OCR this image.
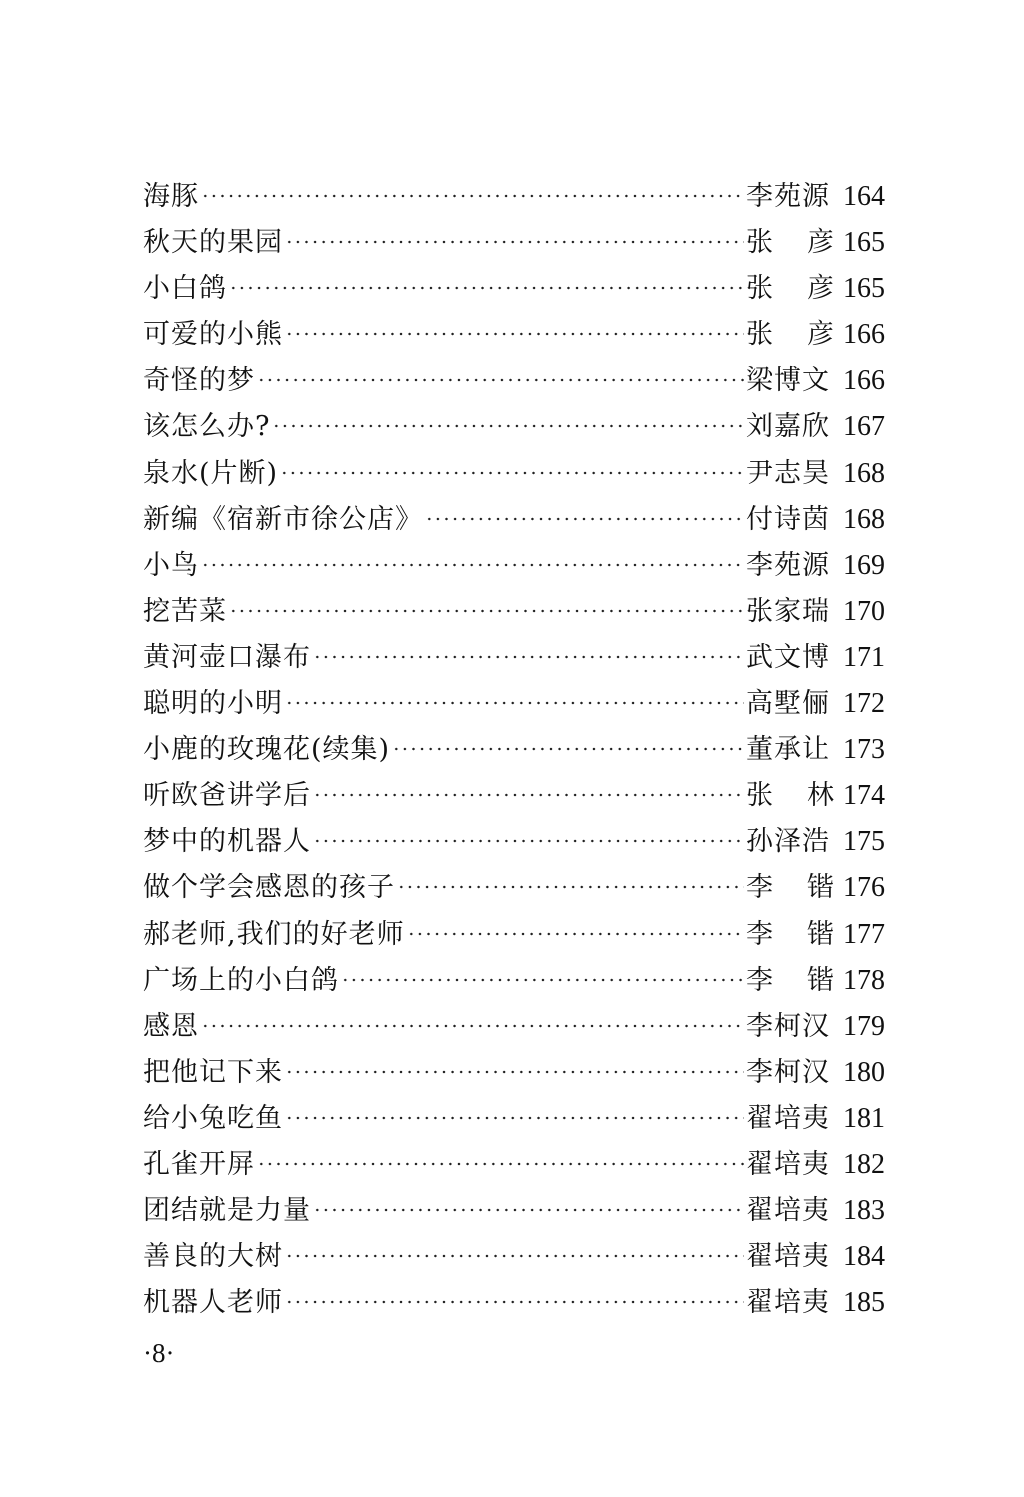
海豚	李苑源 164
秋天的果园	张 彦 165
小白鸽	张 彦 165
可爱的小熊	张 彦 166
奇怪的梦	梁博文 166
该怎么办?	刘嘉欣 167
泉水(片断)	尹志昊 168
新编《宿新市徐公店》	付诗茵 168
小鸟	李苑源 169
挖苦菜	张家瑞 170
黄河壶口瀑布	武文博 171
聪明的小明	高墅俪 172
小鹿的玫瑰花(续集)	董承让 173
听欧爸讲学后	张 林 174
梦中的机器人	孙泽浩 175
做个学会感恩的孩子	李 锴 176
郝老师,我们的好老师	李 锴 177
广场上的小白鸽	李 锴 178
感恩	李柯汉 179
把他记下来	李柯汉 180
给小兔吃鱼	翟培夷 181
孔雀开屏	翟培夷 182
团结就是力量	翟培夷 183
善良的大树	翟培夷 184
机器人老师	翟培夷 185
·8·
